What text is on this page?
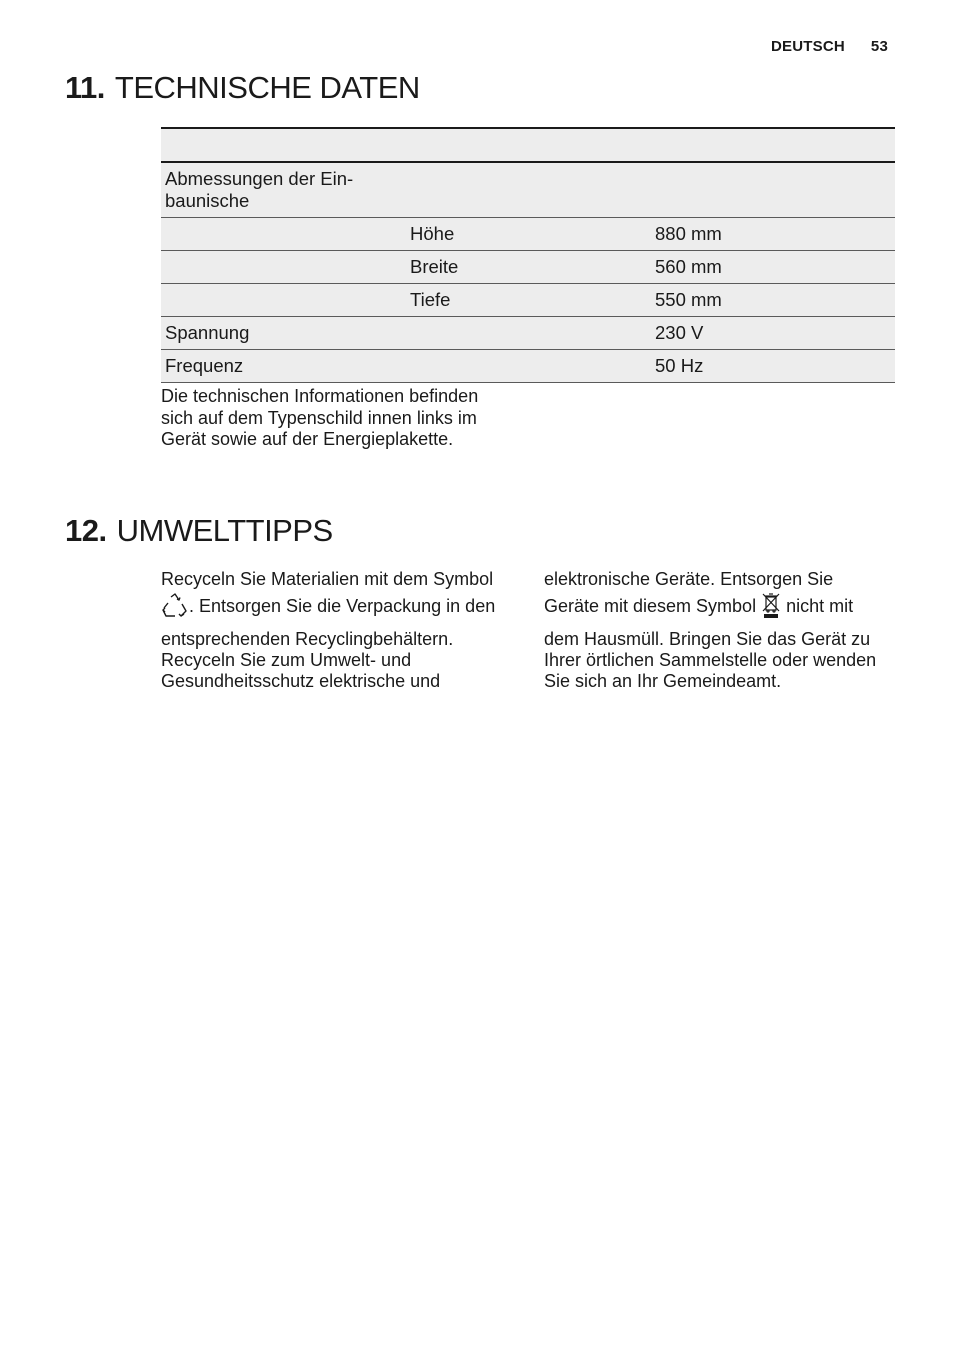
DEUTSCH 53
11. TECHNISCHE DATEN

Abmessungen der Ein-
baunische		
	Höhe	880 mm
	Breite	560 mm
	Tiefe	550 mm
Spannung		230 V
Frequenz		50 Hz

Die technischen Informationen befinden sich auf dem Typenschild innen links im Gerät sowie auf der Energieplakette.

12. UMWELTTIPPS

Recyceln Sie Materialien mit dem Symbol

. Entsorgen Sie die Verpackung in den

entsprechenden Recyclingbehältern. Recyceln Sie zum Umwelt- und Gesundheitsschutz elektrische und

elektronische Geräte. Entsorgen Sie

Geräte mit diesem Symbol nicht mit

dem Hausmüll. Bringen Sie das Gerät zu Ihrer örtlichen Sammelstelle oder wenden Sie sich an Ihr Gemeindeamt.
